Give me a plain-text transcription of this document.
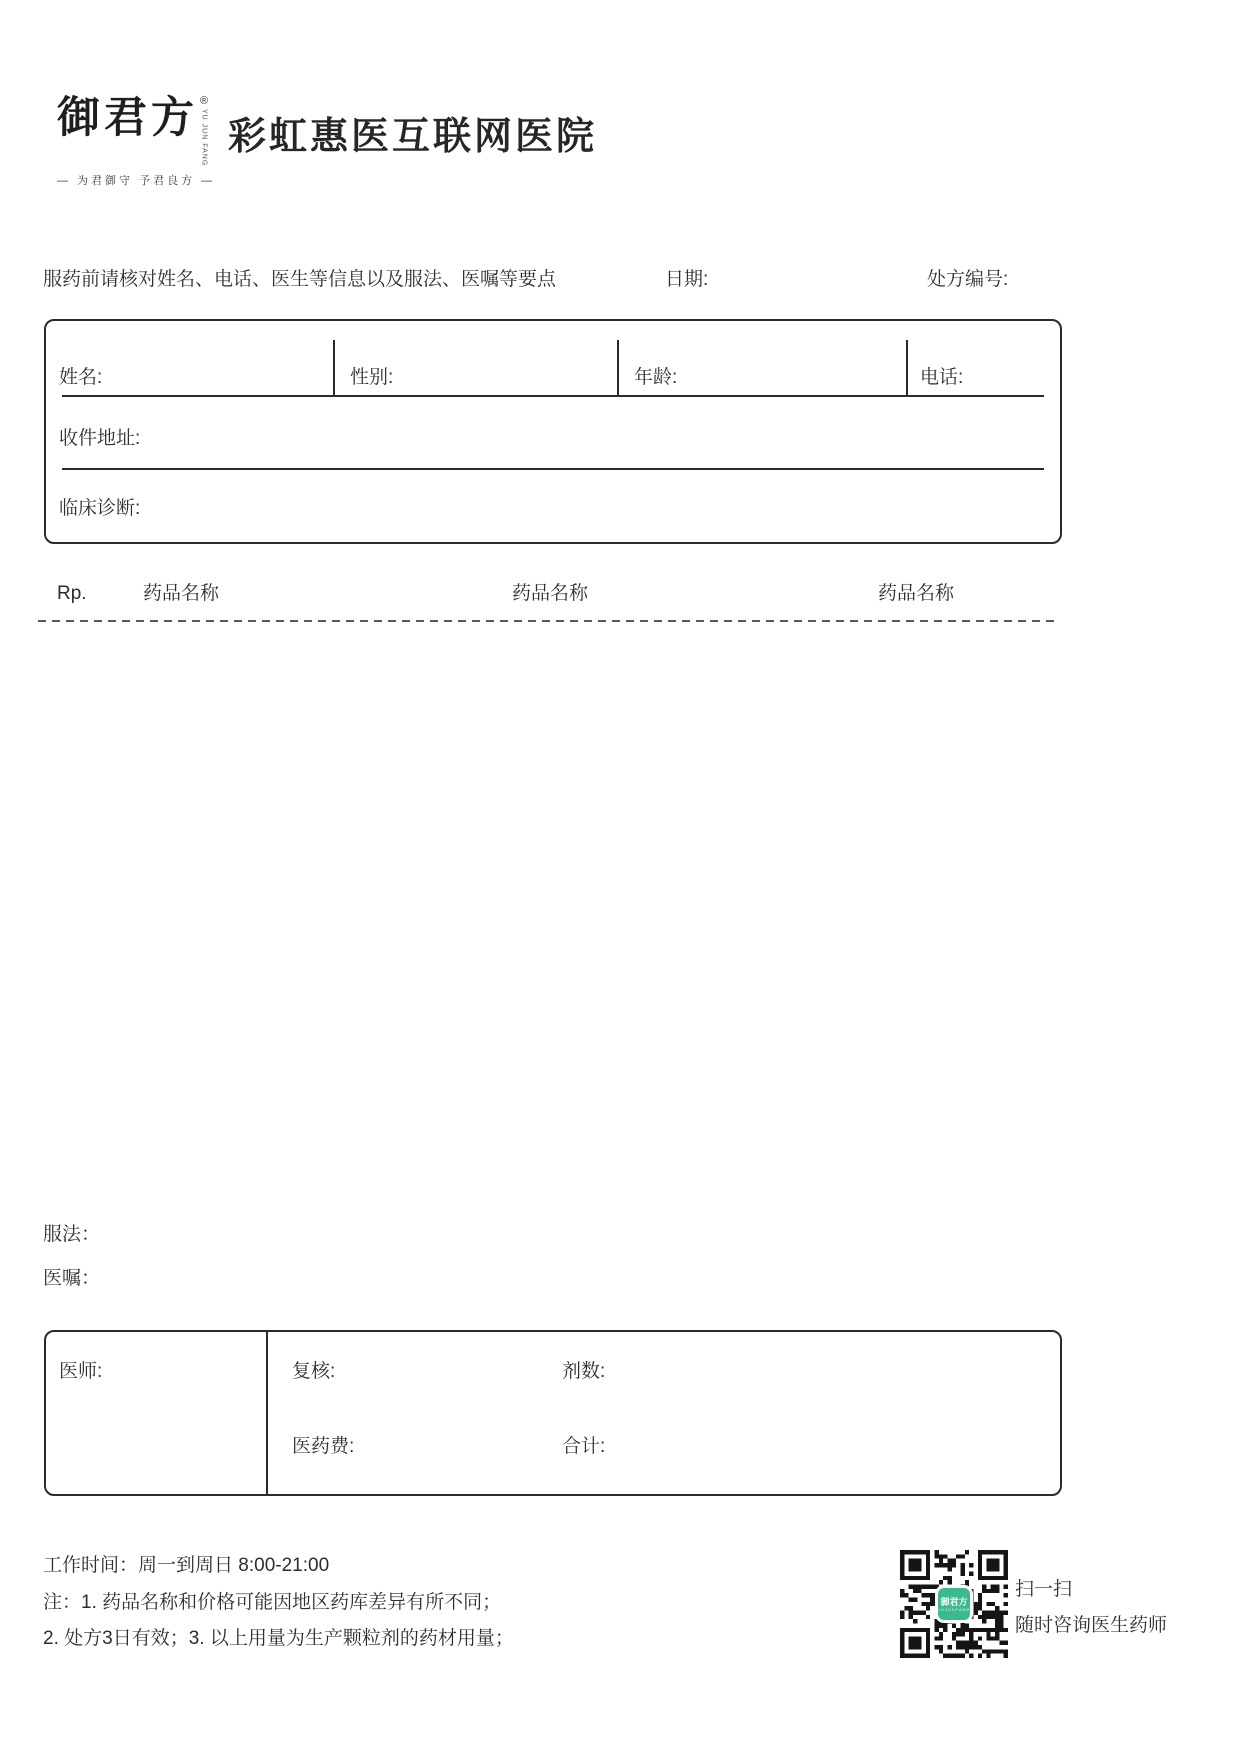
御君方 ®
YU JUN FANG
— 为君御守 予君良方 —
彩虹惠医互联网医院
服药前请核对姓名、电话、医生等信息以及服法、医嘱等要点	日期:	处方编号:
姓名:	性别:	年龄:	电话:
收件地址:
临床诊断:
Rp.	药品名称	药品名称	药品名称
服法：
医嘱：
医师:	复核:	剂数:
医药费:	合计:
工作时间：周一到周日 8:00-21:00
注：1. 药品名称和价格可能因地区药库差异有所不同；
2. 处方3日有效；3. 以上用量为生产颗粒剂的药材用量；
御君方
YUJUNFANG
扫一扫
随时咨询医生药师
